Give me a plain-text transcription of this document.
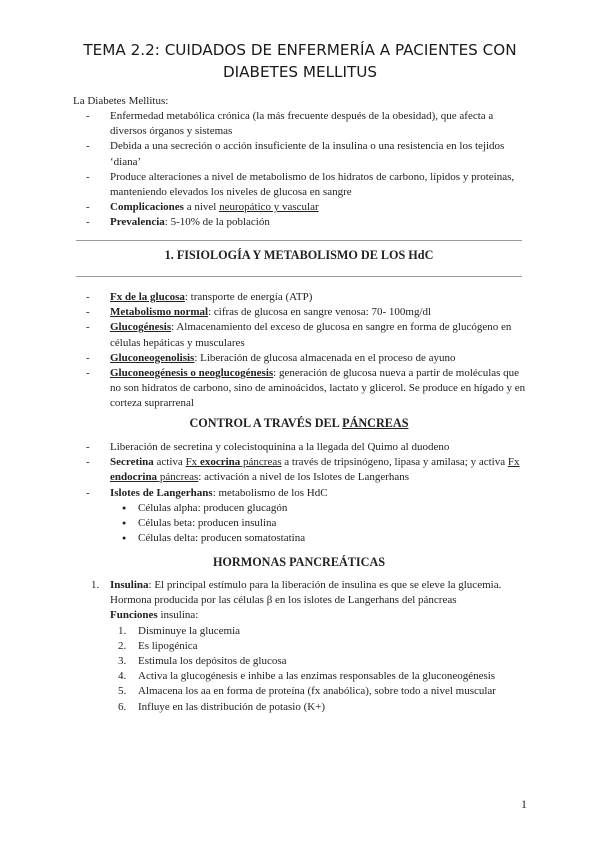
TEMA 2.2: CUIDADOS DE ENFERMERÍA A PACIENTES CON
DIABETES MELLITUS
La Diabetes Mellitus:
- Enfermedad metabólica crónica (la más frecuente después de la obesidad), que afecta a diversos órganos y sistemas
- Debida a una secreción o acción insuficiente de la insulina o una resistencia en los tejidos ‘diana’
- Produce alteraciones a nivel de metabolismo de los hidratos de carbono, lípidos y proteinas, manteniendo elevados los niveles de glucosa en sangre
- Complicaciones a nivel neuropático y vascular
- Prevalencia: 5-10% de la población
1. FISIOLOGÍA Y METABOLISMO DE LOS HdC
- Fx de la glucosa: transporte de energía (ATP)
- Metabolismo normal: cifras de glucosa en sangre venosa: 70- 100mg/dl
- Glucogénesis: Almacenamiento del exceso de glucosa en sangre en forma de glucógeno en células hepáticas y musculares
- Gluconeogenolisis: Liberación de glucosa almacenada en el proceso de ayuno
- Gluconeogénesis o neoglucogénesis: generación de glucosa nueva a partir de moléculas que no son hidratos de carbono, sino de aminoácidos, lactato y glicerol. Se produce en hígado y en corteza suprarrenal
CONTROL A TRAVÉS DEL PÁNCREAS
- Liberación de secretina y colecistoquinina a la llegada del Quimo al duodeno
- Secretina activa Fx exocrina páncreas a través de tripsinógeno, lipasa y amilasa; y activa Fx endocrina páncreas: activación a nivel de los Islotes de Langerhans
- Islotes de Langerhans: metabolismo de los HdC
● Células alpha: producen glucagón
● Células beta: producen insulina
● Células delta: producen somatostatina
HORMONAS PANCREÁTICAS
1. Insulina: El principal estímulo para la liberación de insulina es que se eleve la glucemia. Hormona producida por las células β en los islotes de Langerhans del páncreas
Funciones insulina:
1. Disminuye la glucemia
2. Es lipogénica
3. Estimula los depósitos de glucosa
4. Activa la glucogénesis e inhibe a las enzimas responsables de la gluconeogénesis
5. Almacena los aa en forma de proteína (fx anabólica), sobre todo a nivel muscular
6. Influye en las distribución de potasio (K+)
1
